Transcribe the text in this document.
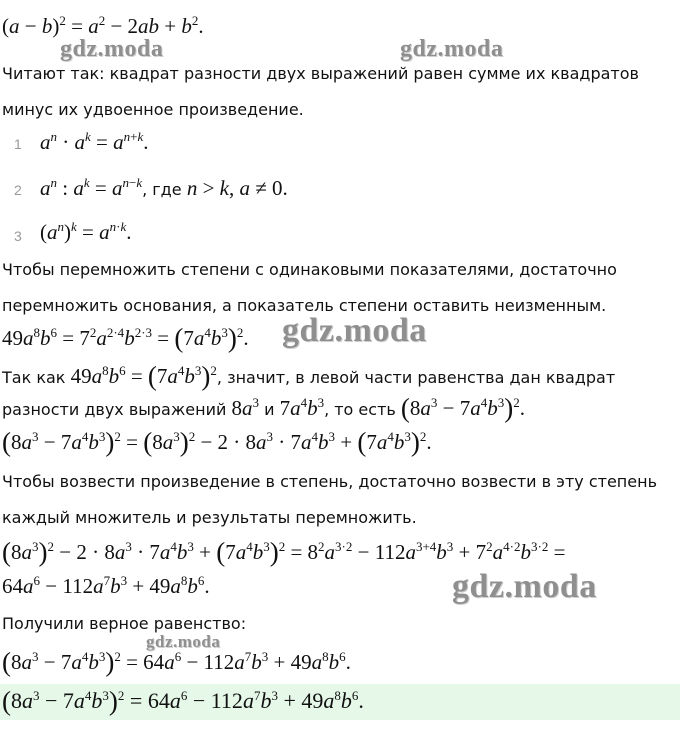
gdz.moda	gdz.moda
gdz.moda
gdz.moda
gdz.moda
$(a - b)^2 = a^2 - 2ab + b^2$.
Читают так: квадрат разности двух выражений равен сумме их квадратов
минус их удвоенное произведение.
1 $a^n \cdot a^k = a^{n+k}$.
2 $a^n$ : $a^k = a^{n-k}$, где n > k, a ≠ 0.
3 $(a^n)^k = a^{n\cdot k}$.
Чтобы перемножить степени с одинаковыми показателями, достаточно
перемножить основания, а показатель степени оставить неизменным.
$49a^8b^6 = 7^2a^{2\cdot 4}b^{2\cdot 3} = (7a^4b^3)^2$.
Так как $49a^8b^6 = (7a^4b^3)^2$, значит, в левой части равенства дан квадрат
разности двух выражений $8a^3$ и $7a^4b^3$, то есть $(8a^3 - 7a^4b^3)^2$.
$(8a^3 - 7a^4b^3)^2 = (8a^3)^2 - 2 \cdot 8a^3 \cdot 7a^4b^3 + (7a^4b^3)^2$.
Чтобы возвести произведение в степень, достаточно возвести в эту степень
каждый множитель и результаты перемножить.
$(8a^3)^2 - 2 \cdot 8a^3 \cdot 7a^4b^3 + (7a^4b^3)^2 = 8^2a^{3\cdot 2} - 112a^{3+4}b^3 + 7^2a^{4\cdot 2}b^{3\cdot 2}$ =
$64a^6 - 112a^7b^3 + 49a^8b^6$.
Получили верное равенство:
$(8a^3 - 7a^4b^3)^2 = 64a^6 - 112a^7b^3 + 49a^8b^6$.
$(8a^3 - 7a^4b^3)^2 = 64a^6 - 112a^7b^3 + 49a^8b^6$.
